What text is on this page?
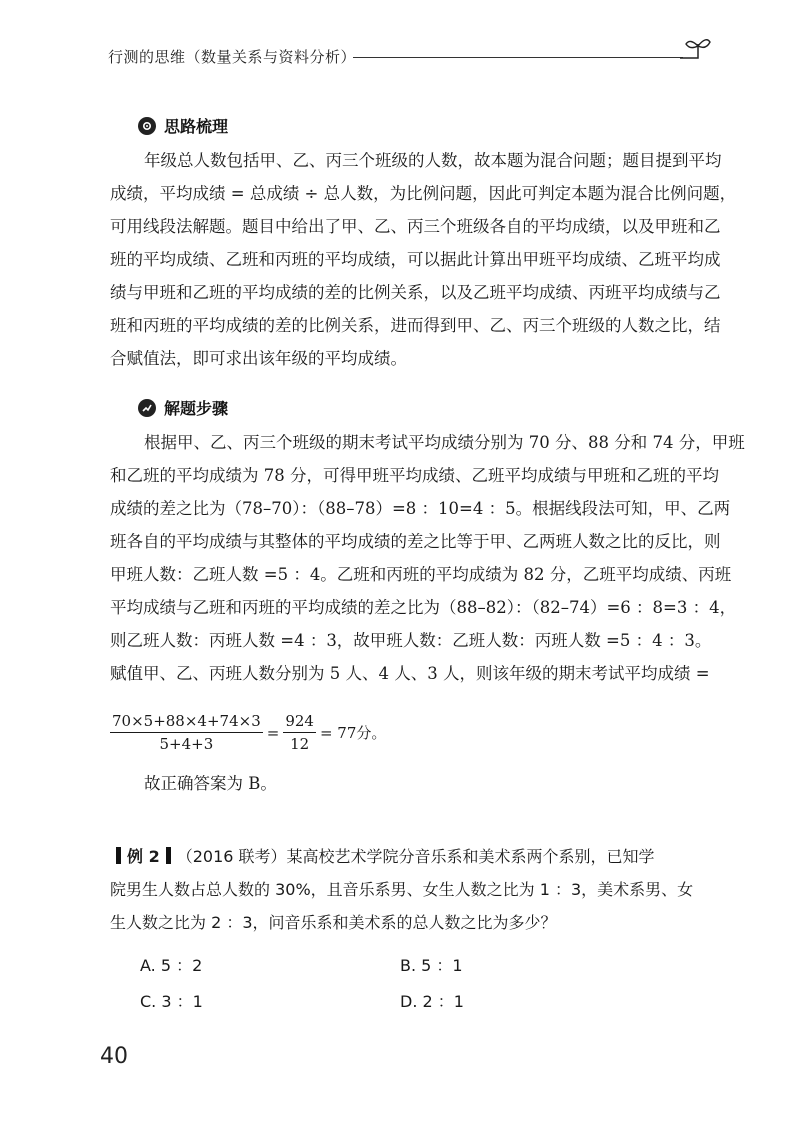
行测的思维（数量关系与资料分析）
思路梳理
年级总人数包括甲、乙、丙三个班级的人数，故本题为混合问题；题目提到平均
成绩，平均成绩 = 总成绩 ÷ 总人数，为比例问题，因此可判定本题为混合比例问题，
可用线段法解题。题目中给出了甲、乙、丙三个班级各自的平均成绩，以及甲班和乙
班的平均成绩、乙班和丙班的平均成绩，可以据此计算出甲班平均成绩、乙班平均成
绩与甲班和乙班的平均成绩的差的比例关系，以及乙班平均成绩、丙班平均成绩与乙
班和丙班的平均成绩的差的比例关系，进而得到甲、乙、丙三个班级的人数之比，结
合赋值法，即可求出该年级的平均成绩。
解题步骤
根据甲、乙、丙三个班级的期末考试平均成绩分别为 70 分、88 分和 74 分，甲班
和乙班的平均成绩为 78 分，可得甲班平均成绩、乙班平均成绩与甲班和乙班的平均
成绩的差之比为（78–70）：（88–78）=8 ：10=4 ：5。根据线段法可知，甲、乙两
班各自的平均成绩与其整体的平均成绩的差之比等于甲、乙两班人数之比的反比，则
甲班人数：乙班人数 =5 ：4。乙班和丙班的平均成绩为 82 分，乙班平均成绩、丙班
平均成绩与乙班和丙班的平均成绩的差之比为（88–82）：（82–74）=6 ：8=3 ：4，
则乙班人数：丙班人数 =4 ：3，故甲班人数：乙班人数：丙班人数 =5 ：4 ：3。
赋值甲、乙、丙班人数分别为 5 人、4 人、3 人，则该年级的期末考试平均成绩 =
$\frac{70\times 5+88\times 4+74\times 3}{5+4+3} = \frac{924}{12} = 77$分。
故正确答案为 B。
例 2 （2016 联考）某高校艺术学院分音乐系和美术系两个系别，已知学
院男生人数占总人数的 30%，且音乐系男、女生人数之比为 1 ：3，美术系男、女
生人数之比为 2 ：3，问音乐系和美术系的总人数之比为多少？
A. 5 ：2	B. 5 ：1
C. 3 ：1	D. 2 ：1
40
